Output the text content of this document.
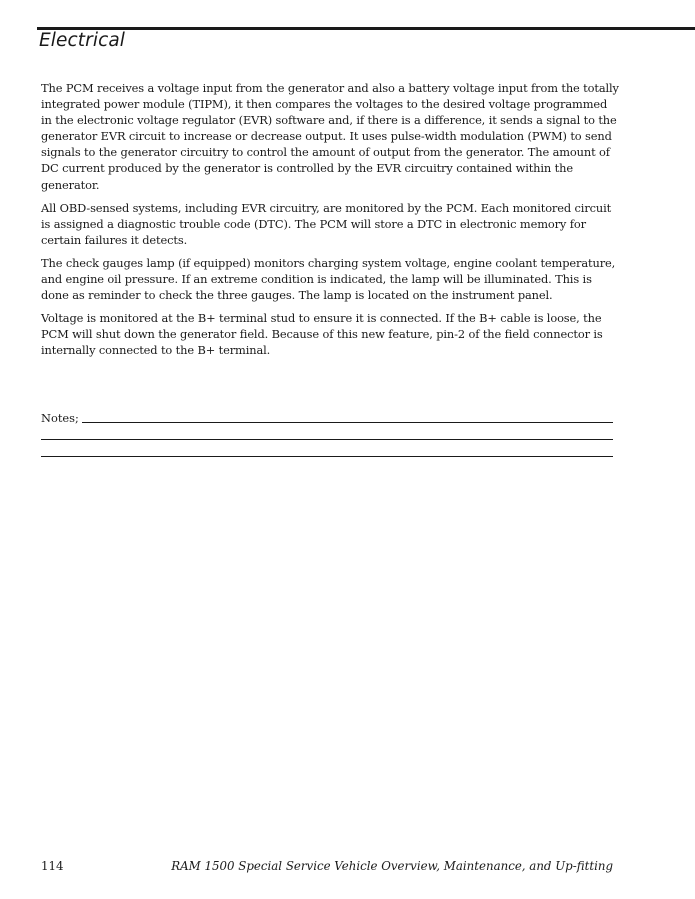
Electrical

The PCM receives a voltage input from the generator and also a battery voltage input from the totally integrated power module (TIPM), it then compares the voltages to the desired voltage programmed in the electronic voltage regulator (EVR) software and, if there is a difference, it sends a signal to the generator EVR circuit to increase or decrease output. It uses pulse-width modulation (PWM) to send signals to the generator circuitry to control the amount of output from the generator. The amount of DC current produced by the generator is controlled by the EVR circuitry contained within the generator.

All OBD-sensed systems, including EVR circuitry, are monitored by the PCM. Each monitored circuit is assigned a diagnostic trouble code (DTC). The PCM will store a DTC in electronic memory for certain failures it detects.

The check gauges lamp (if equipped) monitors charging system voltage, engine coolant temperature, and engine oil pressure. If an extreme condition is indicated, the lamp will be illuminated. This is done as reminder to check the three gauges. The lamp is located on the instrument panel.

Voltage is monitored at the B+ terminal stud to ensure it is connected. If the B+ cable is loose, the PCM will shut down the generator field. Because of this new feature, pin-2 of the field connector is internally connected to the B+ terminal.

Notes;
114	RAM 1500 Special Service Vehicle Overview, Maintenance, and Up-fitting
